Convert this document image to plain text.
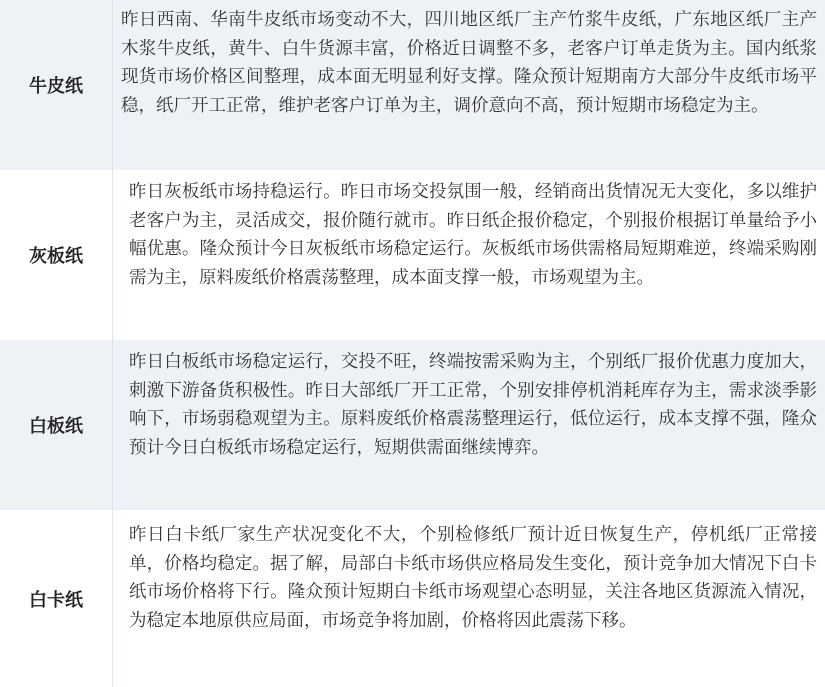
牛皮纸
昨日西南、华南牛皮纸市场变动不大，四川地区纸厂主产竹浆牛皮纸，广东地区纸厂主产木浆牛皮纸，黄牛、白牛货源丰富，价格近日调整不多，老客户订单走货为主。国内纸浆现货市场价格区间整理，成本面无明显利好支撑。隆众预计短期南方大部分牛皮纸市场平稳，纸厂开工正常，维护老客户订单为主，调价意向不高，预计短期市场稳定为主。
灰板纸
昨日灰板纸市场持稳运行。昨日市场交投氛围一般，经销商出货情况无大变化，多以维护老客户为主，灵活成交，报价随行就市。昨日纸企报价稳定，个别报价根据订单量给予小幅优惠。隆众预计今日灰板纸市场稳定运行。灰板纸市场供需格局短期难逆，终端采购刚需为主，原料废纸价格震荡整理，成本面支撑一般，市场观望为主。
白板纸
昨日白板纸市场稳定运行，交投不旺，终端按需采购为主，个别纸厂报价优惠力度加大，刺激下游备货积极性。昨日大部纸厂开工正常，个别安排停机消耗库存为主，需求淡季影响下，市场弱稳观望为主。原料废纸价格震荡整理运行，低位运行，成本支撑不强，隆众预计今日白板纸市场稳定运行，短期供需面继续博弈。
白卡纸
昨日白卡纸厂家生产状况变化不大，个别检修纸厂预计近日恢复生产，停机纸厂正常接单，价格均稳定。据了解，局部白卡纸市场供应格局发生变化，预计竞争加大情况下白卡纸市场价格将下行。隆众预计短期白卡纸市场观望心态明显，关注各地区货源流入情况，为稳定本地原供应局面，市场竞争将加剧，价格将因此震荡下移。
